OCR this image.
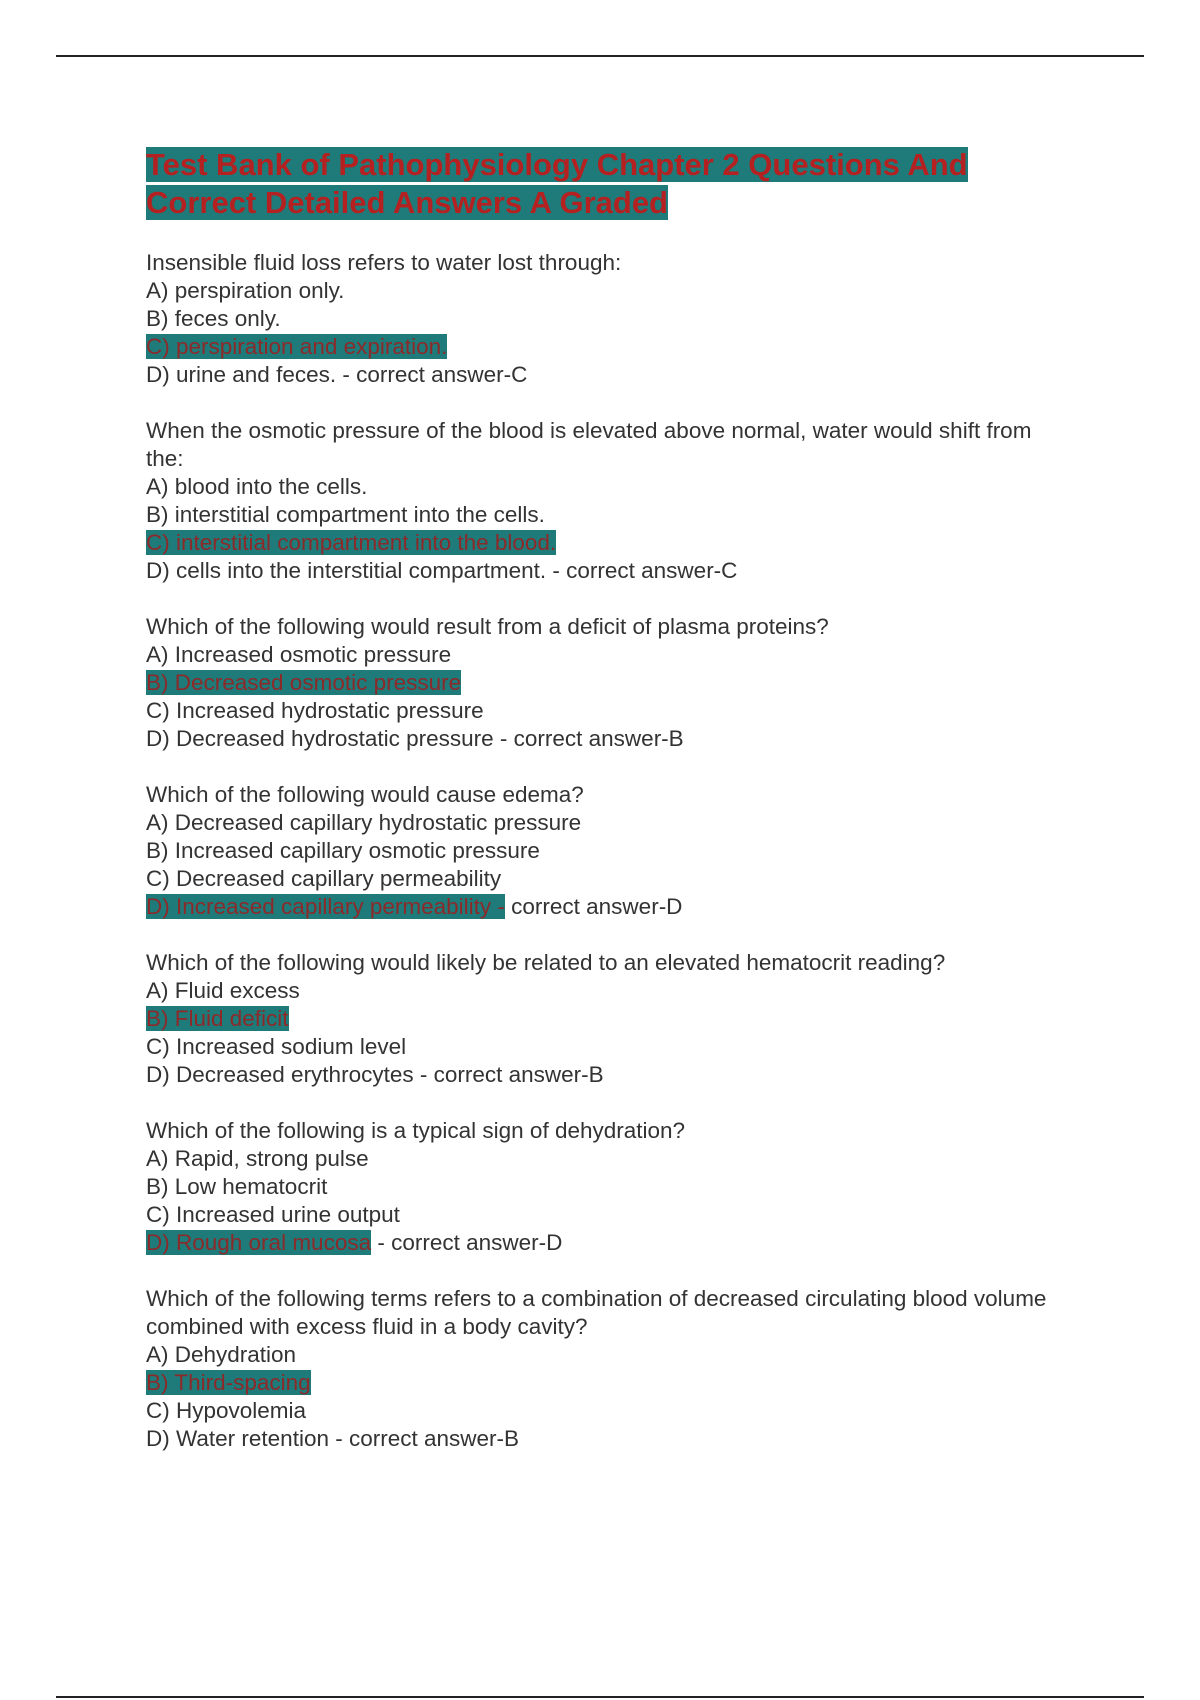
Test Bank of Pathophysiology Chapter 2 Questions And
Correct Detailed Answers A Graded
Insensible fluid loss refers to water lost through:
A) perspiration only.
B) feces only.
C) perspiration and expiration.
D) urine and feces. - correct answer-C
When the osmotic pressure of the blood is elevated above normal, water would shift from the:
A) blood into the cells.
B) interstitial compartment into the cells.
C) interstitial compartment into the blood.
D) cells into the interstitial compartment. - correct answer-C
Which of the following would result from a deficit of plasma proteins?
A) Increased osmotic pressure
B) Decreased osmotic pressure
C) Increased hydrostatic pressure
D) Decreased hydrostatic pressure - correct answer-B
Which of the following would cause edema?
A) Decreased capillary hydrostatic pressure
B) Increased capillary osmotic pressure
C) Decreased capillary permeability
D) Increased capillary permeability - correct answer-D
Which of the following would likely be related to an elevated hematocrit reading?
A) Fluid excess
B) Fluid deficit
C) Increased sodium level
D) Decreased erythrocytes - correct answer-B
Which of the following is a typical sign of dehydration?
A) Rapid, strong pulse
B) Low hematocrit
C) Increased urine output
D) Rough oral mucosa - correct answer-D
Which of the following terms refers to a combination of decreased circulating blood volume combined with excess fluid in a body cavity?
A) Dehydration
B) Third-spacing
C) Hypovolemia
D) Water retention - correct answer-B
